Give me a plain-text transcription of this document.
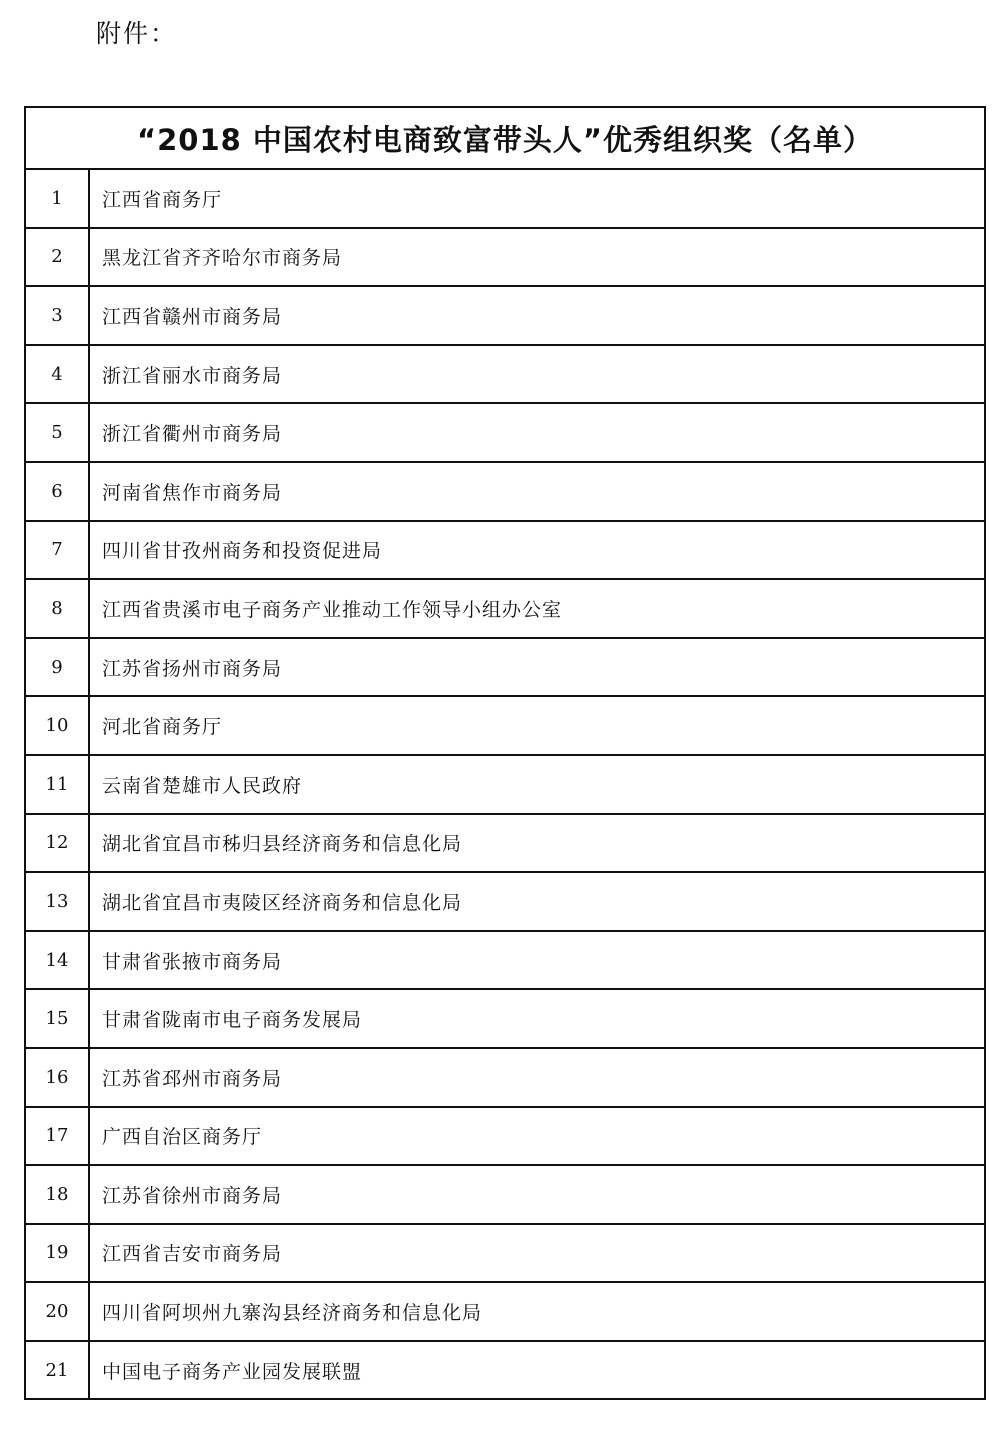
附件：
“2018 中国农村电商致富带头人”优秀组织奖（名单）	
1	江西省商务厅
2	黑龙江省齐齐哈尔市商务局
3	江西省赣州市商务局
4	浙江省丽水市商务局
5	浙江省衢州市商务局
6	河南省焦作市商务局
7	四川省甘孜州商务和投资促进局
8	江西省贵溪市电子商务产业推动工作领导小组办公室
9	江苏省扬州市商务局
10	河北省商务厅
11	云南省楚雄市人民政府
12	湖北省宜昌市秭归县经济商务和信息化局
13	湖北省宜昌市夷陵区经济商务和信息化局
14	甘肃省张掖市商务局
15	甘肃省陇南市电子商务发展局
16	江苏省邳州市商务局
17	广西自治区商务厅
18	江苏省徐州市商务局
19	江西省吉安市商务局
20	四川省阿坝州九寨沟县经济商务和信息化局
21	中国电子商务产业园发展联盟
